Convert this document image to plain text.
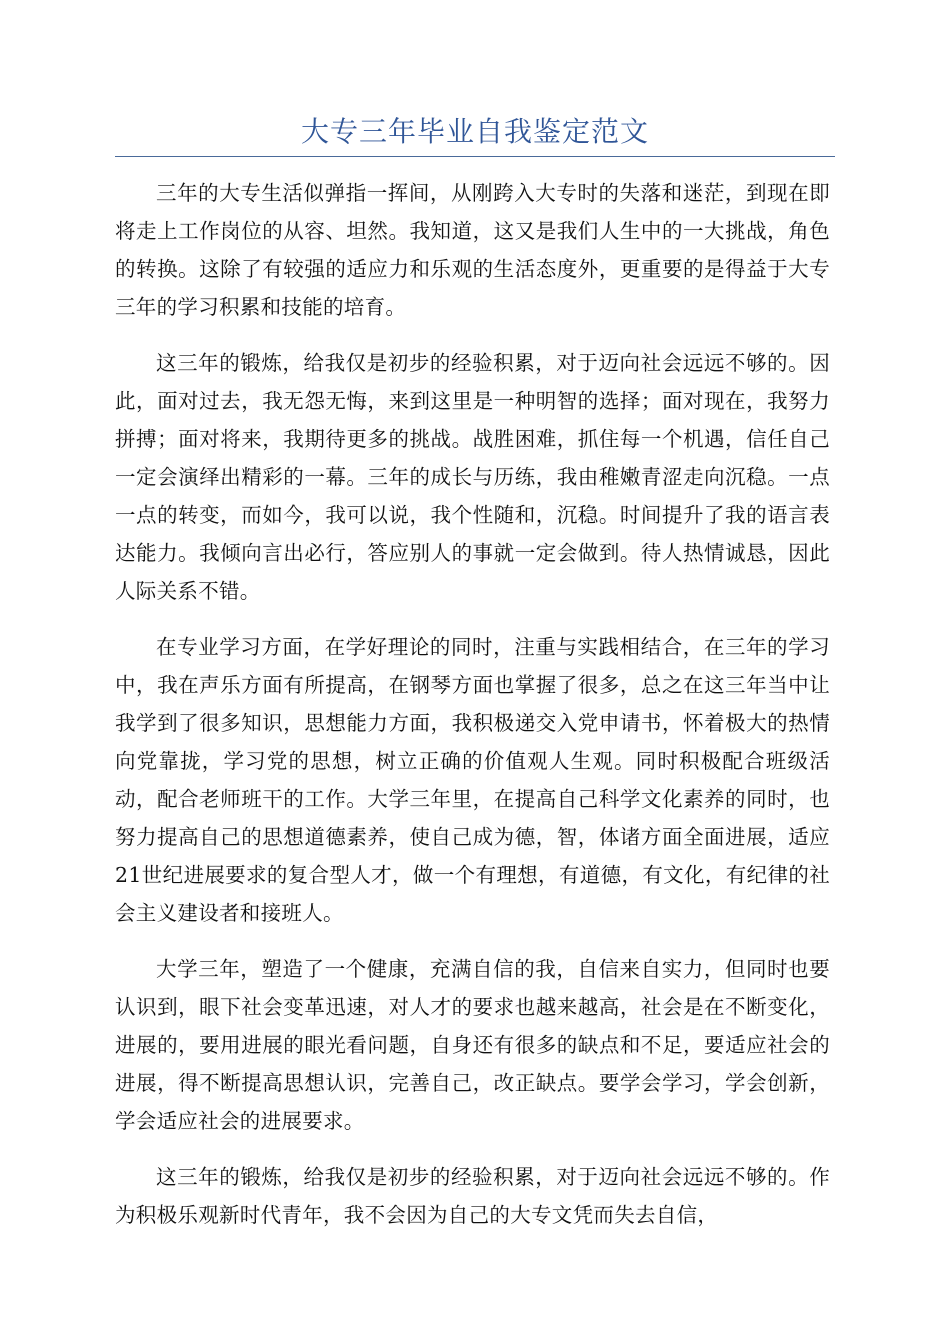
大专三年毕业自我鉴定范文

三年的大专生活似弹指一挥间，从刚跨入大专时的失落和迷茫，到现在即将走上工作岗位的从容、坦然。我知道，这又是我们人生中的一大挑战，角色的转换。这除了有较强的适应力和乐观的生活态度外，更重要的是得益于大专三年的学习积累和技能的培育。

这三年的锻炼，给我仅是初步的经验积累，对于迈向社会远远不够的。因此，面对过去，我无怨无悔，来到这里是一种明智的选择；面对现在，我努力拼搏；面对将来，我期待更多的挑战。战胜困难，抓住每一个机遇，信任自己一定会演绎出精彩的一幕。三年的成长与历练，我由稚嫩青涩走向沉稳。一点一点的转变，而如今，我可以说，我个性随和，沉稳。时间提升了我的语言表达能力。我倾向言出必行，答应别人的事就一定会做到。待人热情诚恳，因此人际关系不错。

在专业学习方面，在学好理论的同时，注重与实践相结合，在三年的学习中，我在声乐方面有所提高，在钢琴方面也掌握了很多，总之在这三年当中让我学到了很多知识，思想能力方面，我积极递交入党申请书，怀着极大的热情向党靠拢，学习党的思想，树立正确的价值观人生观。同时积极配合班级活动，配合老师班干的工作。大学三年里，在提高自己科学文化素养的同时，也努力提高自己的思想道德素养，使自己成为德，智，体诸方面全面进展，适应21世纪进展要求的复合型人才，做一个有理想，有道德，有文化，有纪律的社会主义建设者和接班人。

大学三年，塑造了一个健康，充满自信的我，自信来自实力，但同时也要认识到，眼下社会变革迅速，对人才的要求也越来越高，社会是在不断变化，进展的，要用进展的眼光看问题，自身还有很多的缺点和不足，要适应社会的进展，得不断提高思想认识，完善自己，改正缺点。要学会学习，学会创新，学会适应社会的进展要求。

这三年的锻炼，给我仅是初步的经验积累，对于迈向社会远远不够的。作为积极乐观新时代青年，我不会因为自己的大专文凭而失去自信，
